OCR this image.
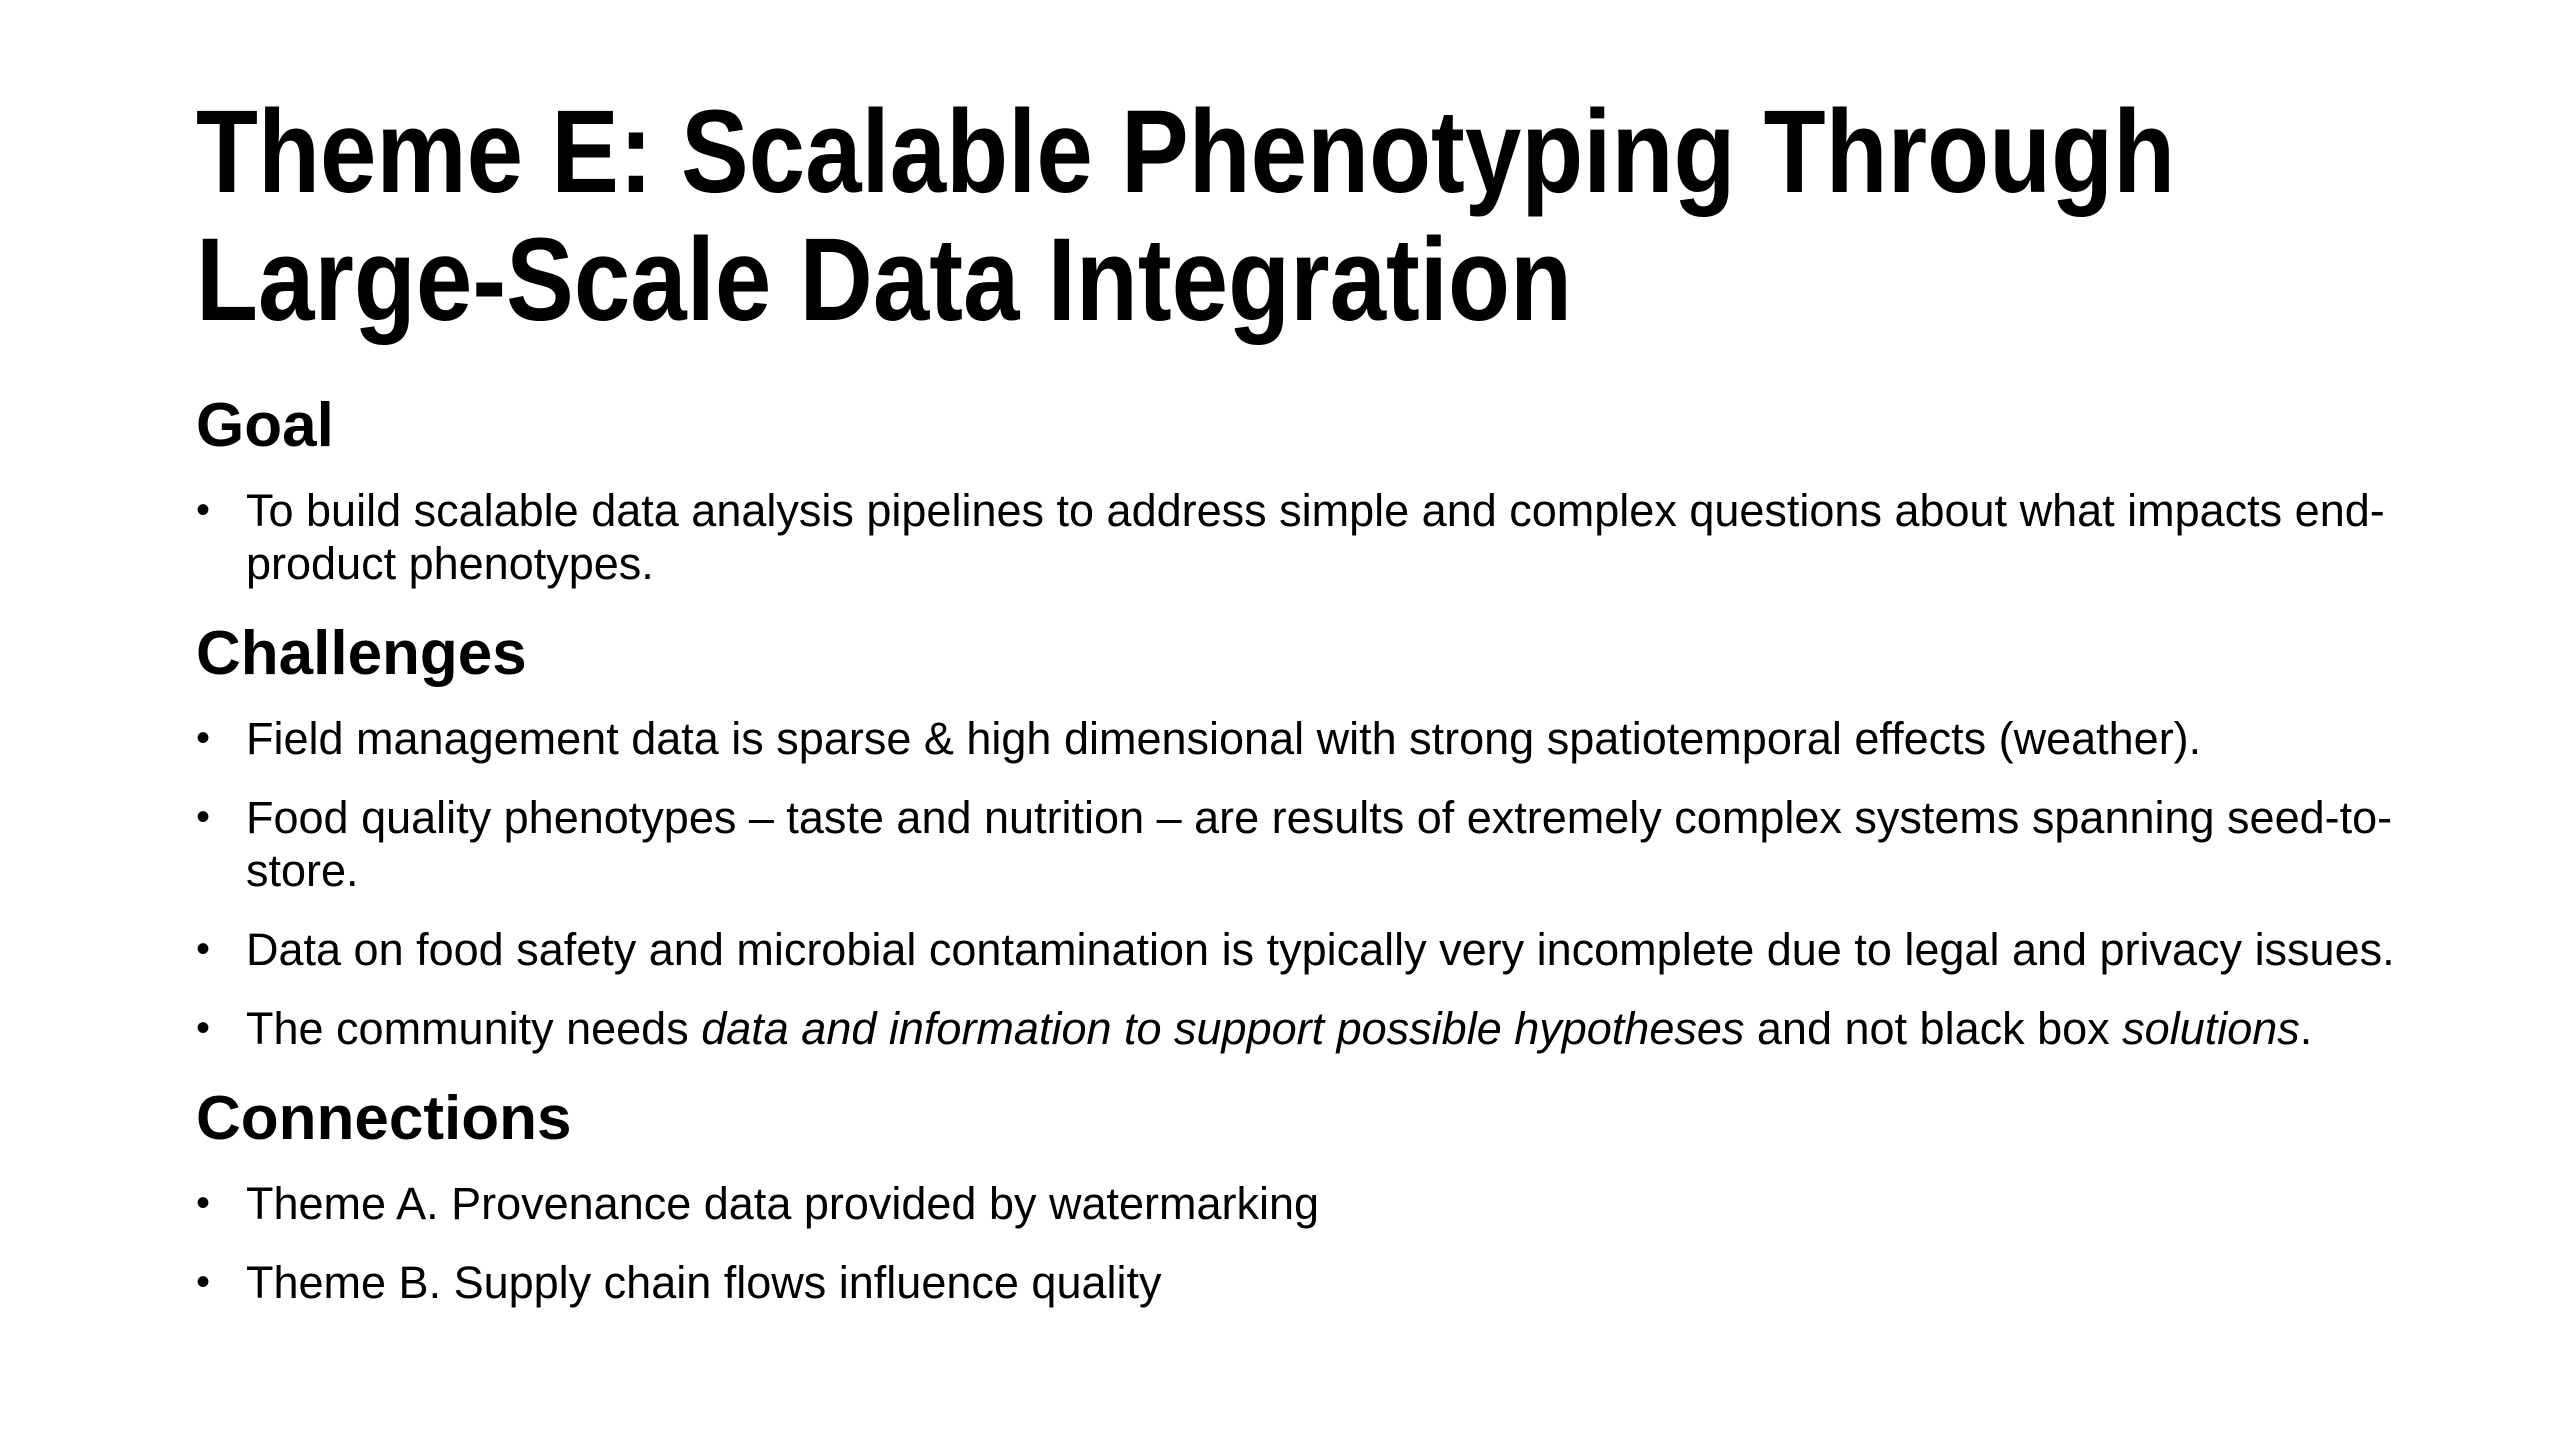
Theme E: Scalable Phenotyping Through
Large-Scale Data Integration
Goal
• To build scalable data analysis pipelines to address simple and complex questions about what impacts end-product phenotypes.
Challenges
• Field management data is sparse & high dimensional with strong spatiotemporal effects (weather).
• Food quality phenotypes – taste and nutrition – are results of extremely complex systems spanning seed-to-store.
• Data on food safety and microbial contamination is typically very incomplete due to legal and privacy issues.
• The community needs data and information to support possible hypotheses and not black box solutions.
Connections
• Theme A. Provenance data provided by watermarking
• Theme B. Supply chain flows influence quality
